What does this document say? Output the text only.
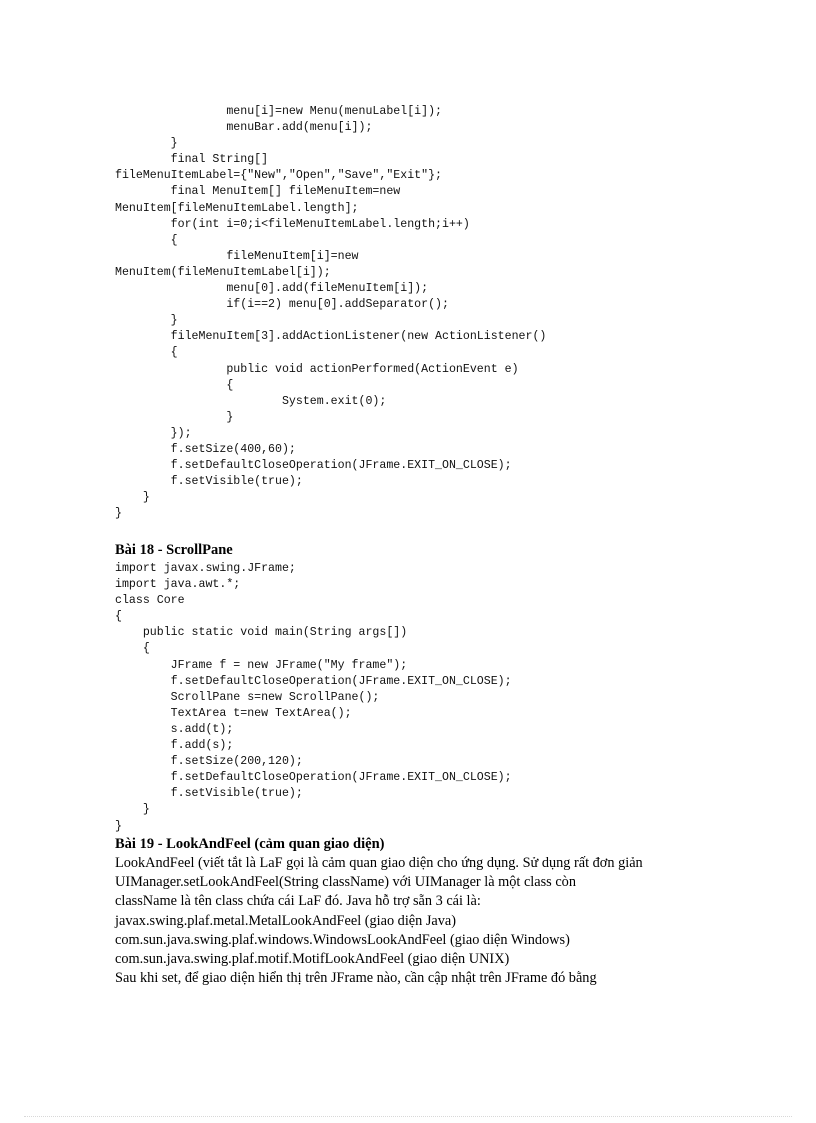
menu[i]=new Menu(menuLabel[i]);
menuBar.add(menu[i]);
}
final String[]
fileMenuItemLabel={"New","Open","Save","Exit"};
final MenuItem[] fileMenuItem=new
MenuItem[fileMenuItemLabel.length];
for(int i=0;i<fileMenuItemLabel.length;i++)
{
fileMenuItem[i]=new
MenuItem(fileMenuItemLabel[i]);
menu[0].add(fileMenuItem[i]);
if(i==2) menu[0].addSeparator();
}
fileMenuItem[3].addActionListener(new ActionListener()
{
public void actionPerformed(ActionEvent e)
{
System.exit(0);
}
});
f.setSize(400,60);
f.setDefaultCloseOperation(JFrame.EXIT_ON_CLOSE);
f.setVisible(true);
}
}
Bài 18 - ScrollPane
import javax.swing.JFrame;
import java.awt.*;
class Core
{
public static void main(String args[])
{
JFrame f = new JFrame("My frame");
f.setDefaultCloseOperation(JFrame.EXIT_ON_CLOSE);
ScrollPane s=new ScrollPane();
TextArea t=new TextArea();
s.add(t);
f.add(s);
f.setSize(200,120);
f.setDefaultCloseOperation(JFrame.EXIT_ON_CLOSE);
f.setVisible(true);
}
}
Bài 19 - LookAndFeel (cảm quan giao diện)
LookAndFeel (viết tắt là LaF gọi là cảm quan giao diện cho ứng dụng. Sử dụng rất đơn giản
UIManager.setLookAndFeel(String className) với UIManager là một class còn
className là tên class chứa cái LaF đó. Java hỗ trợ sẵn 3 cái là:
javax.swing.plaf.metal.MetalLookAndFeel (giao diện Java)
com.sun.java.swing.plaf.windows.WindowsLookAndFeel (giao diện Windows)
com.sun.java.swing.plaf.motif.MotifLookAndFeel (giao diện UNIX)
Sau khi set, để giao diện hiển thị trên JFrame nào, cần cập nhật trên JFrame đó bằng
